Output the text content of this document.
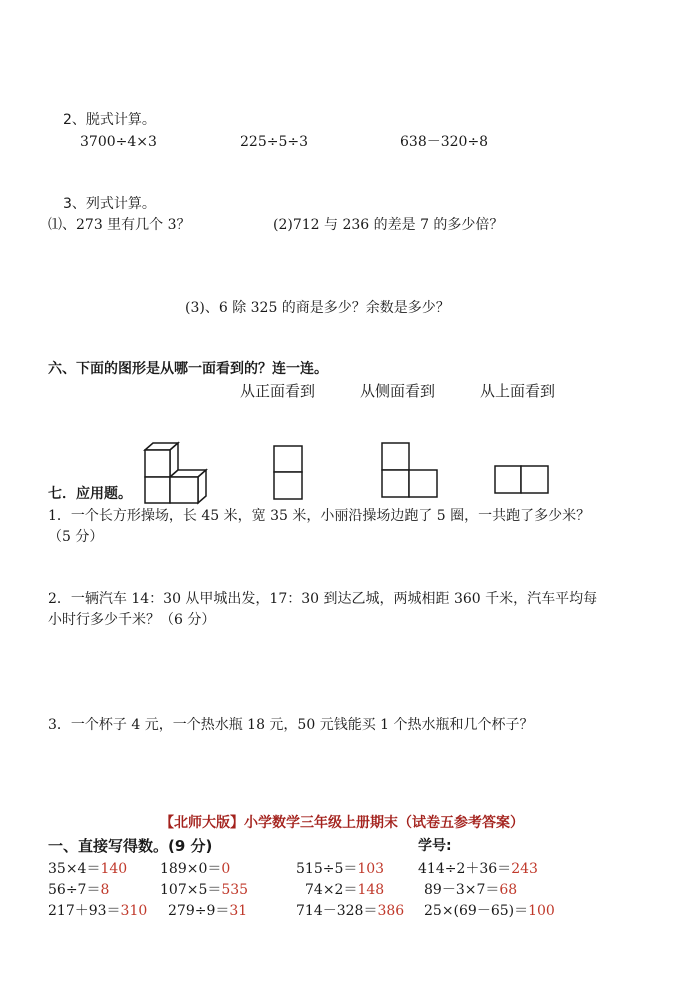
2、脱式计算。
3700÷4×3	225÷5÷3	638－320÷8
3、列式计算。
⑴、273 里有几个 3？	(2)712 与 236 的差是 7 的多少倍？
(3)、6 除 325 的商是多少？余数是多少？
六、下面的图形是从哪一面看到的？连一连。
从正面看到	从侧面看到	从上面看到
七．应用题。
1．一个长方形操场，长 45 米，宽 35 米，小丽沿操场边跑了 5 圈，一共跑了多少米？
（5 分）
2．一辆汽车 14：30 从甲城出发，17：30 到达乙城，两城相距 360 千米，汽车平均每
小时行多少千米？（6 分）
3．一个杯子 4 元，一个热水瓶 18 元，50 元钱能买 1 个热水瓶和几个杯子？
【北师大版】小学数学三年级上册期末（试卷五参考答案）
一、直接写得数。(9 分)	学号:
35×4＝140 189×0＝0	515÷5＝103 414÷2＋36＝243
56÷7＝8	107×5＝535	74×2＝148	89－3×7＝68
217＋93＝310 279÷9＝31	714－328＝386 25×(69－65)＝100
